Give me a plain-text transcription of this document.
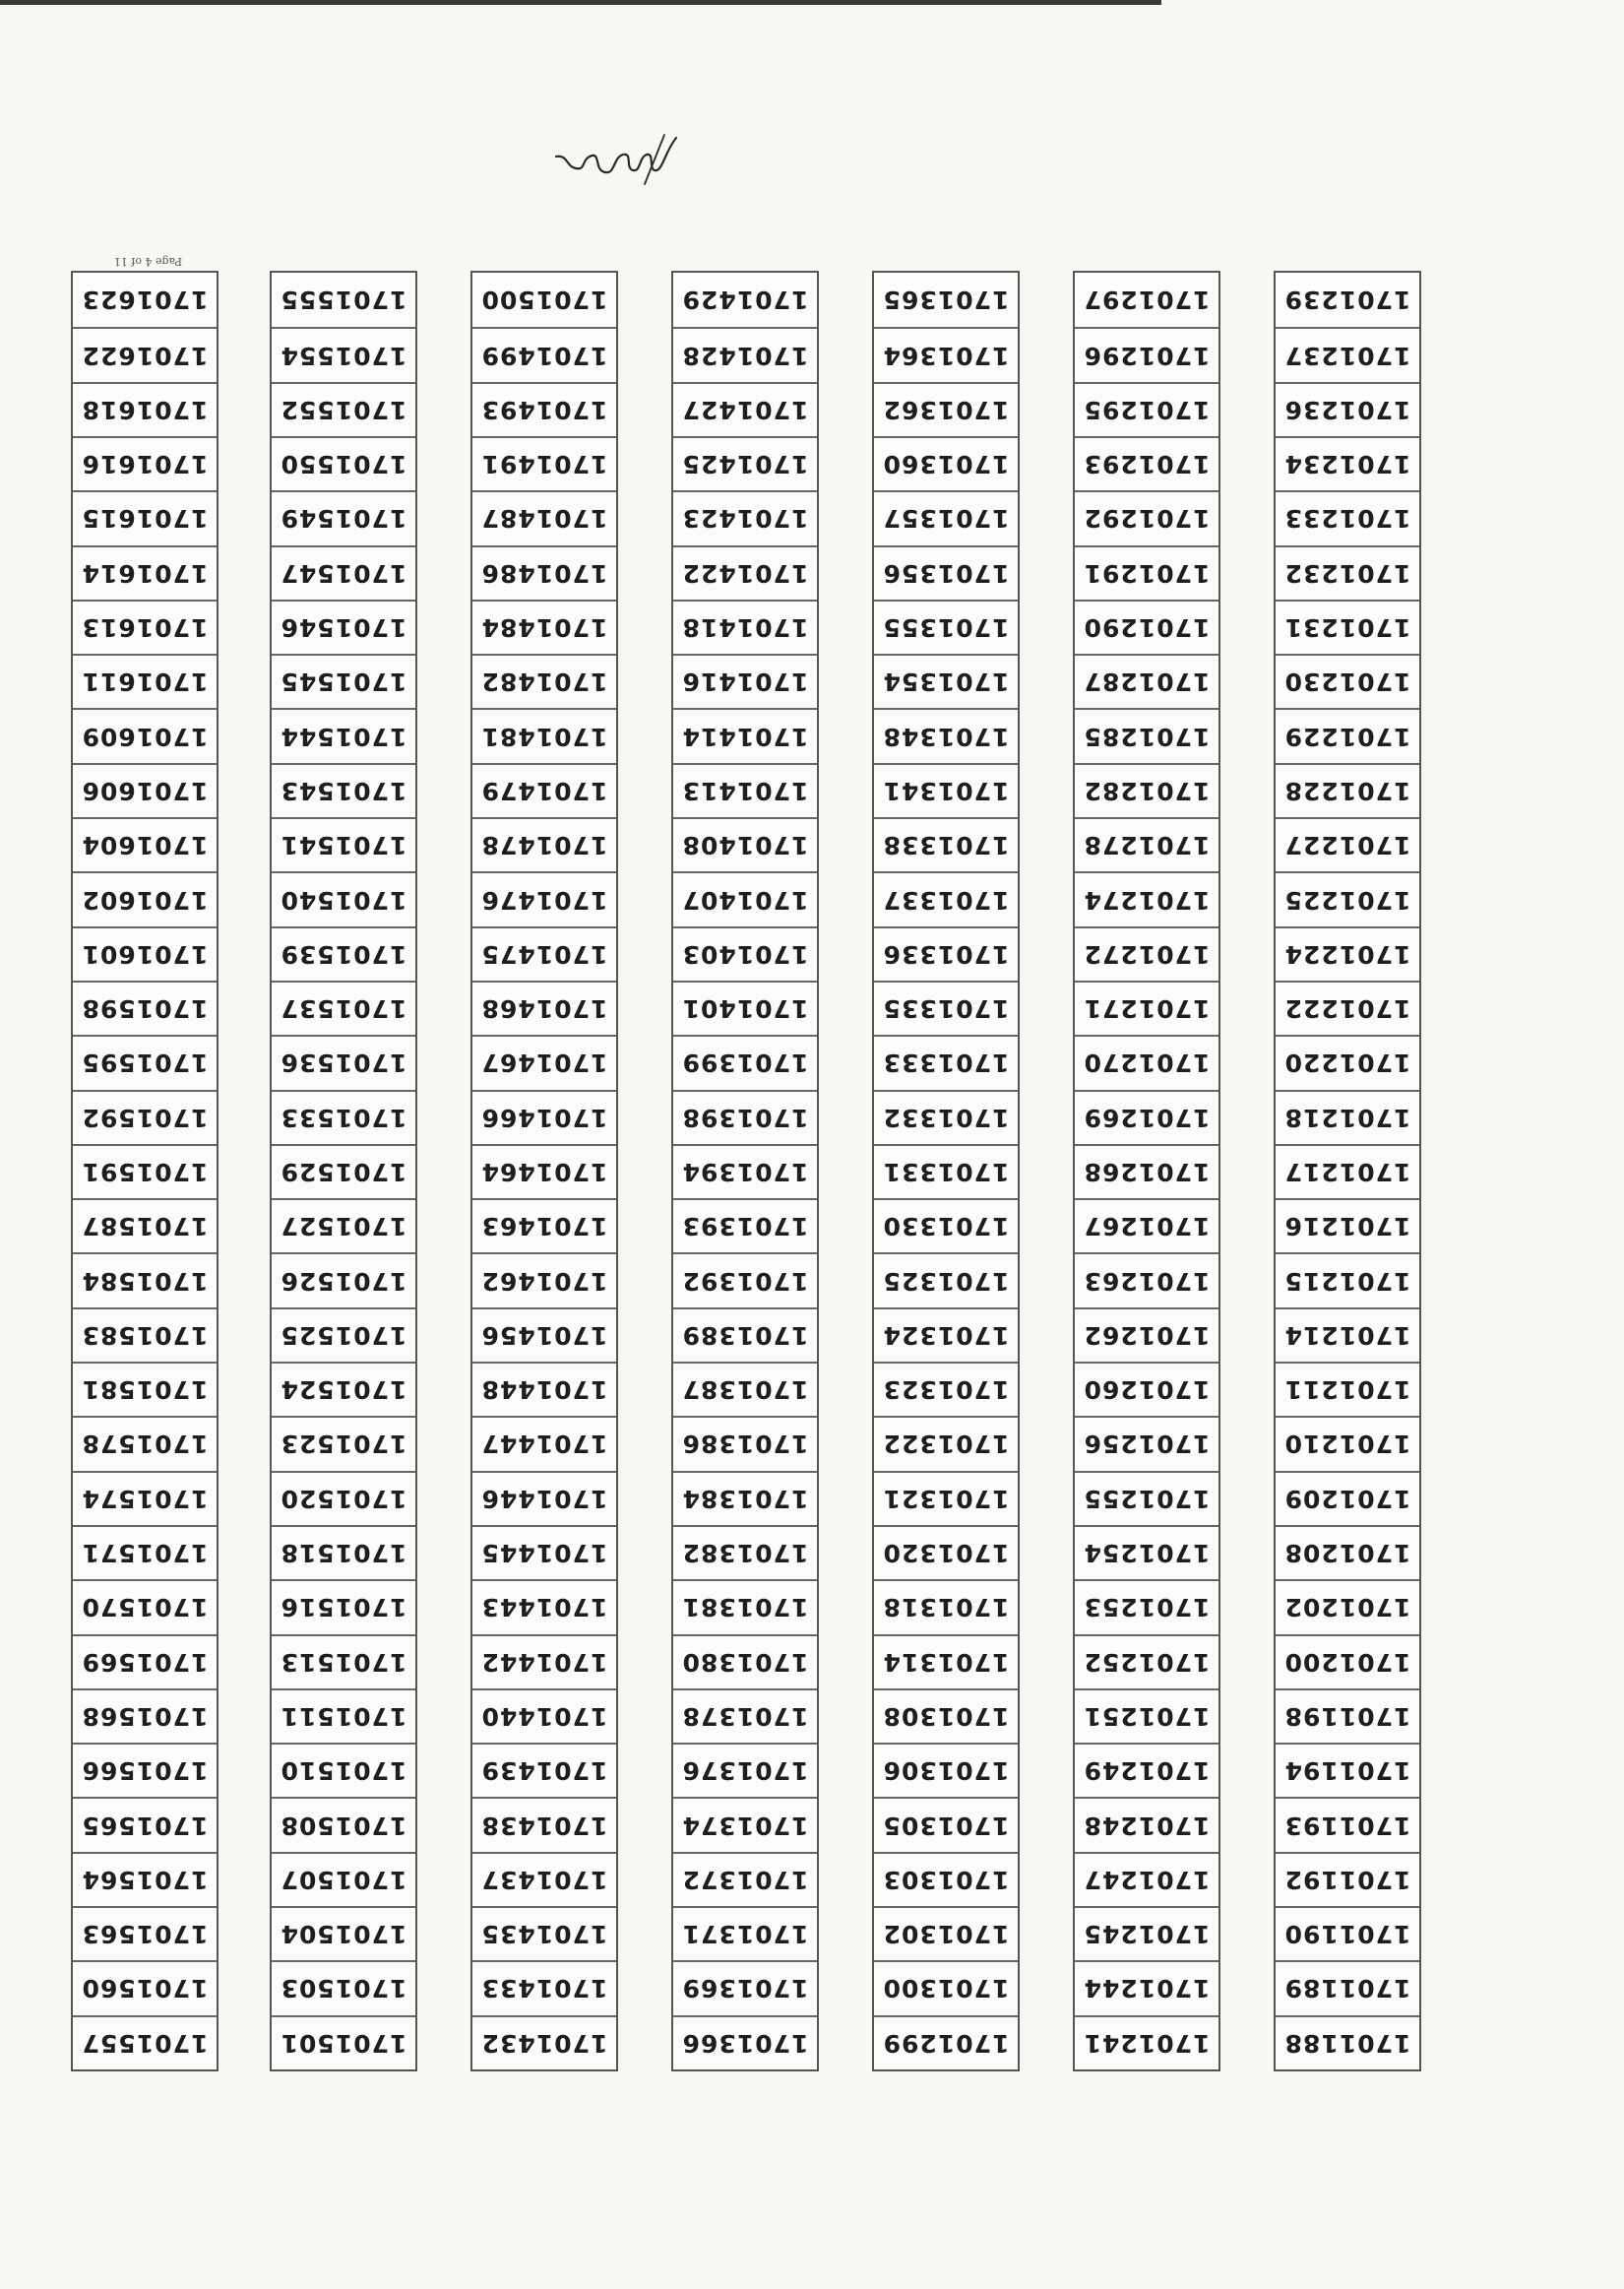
Page 4 of 11
1701188
1701189
1701190
1701192
1701193
1701194
1701198
1701200
1701202
1701208
1701209
1701210
1701211
1701214
1701215
1701216
1701217
1701218
1701220
1701222
1701224
1701225
1701227
1701228
1701229
1701230
1701231
1701232
1701233
1701234
1701236
1701237
1701239
1701241
1701244
1701245
1701247
1701248
1701249
1701251
1701252
1701253
1701254
1701255
1701256
1701260
1701262
1701263
1701267
1701268
1701269
1701270
1701271
1701272
1701274
1701278
1701282
1701285
1701287
1701290
1701291
1701292
1701293
1701295
1701296
1701297
1701299
1701300
1701302
1701303
1701305
1701306
1701308
1701314
1701318
1701320
1701321
1701322
1701323
1701324
1701325
1701330
1701331
1701332
1701333
1701335
1701336
1701337
1701338
1701341
1701348
1701354
1701355
1701356
1701357
1701360
1701362
1701364
1701365
1701366
1701369
1701371
1701372
1701374
1701376
1701378
1701380
1701381
1701382
1701384
1701386
1701387
1701389
1701392
1701393
1701394
1701398
1701399
1701401
1701403
1701407
1701408
1701413
1701414
1701416
1701418
1701422
1701423
1701425
1701427
1701428
1701429
1701432
1701433
1701435
1701437
1701438
1701439
1701440
1701442
1701443
1701445
1701446
1701447
1701448
1701456
1701462
1701463
1701464
1701466
1701467
1701468
1701475
1701476
1701478
1701479
1701481
1701482
1701484
1701486
1701487
1701491
1701493
1701499
1701500
1701501
1701503
1701504
1701507
1701508
1701510
1701511
1701513
1701516
1701518
1701520
1701523
1701524
1701525
1701526
1701527
1701529
1701533
1701536
1701537
1701539
1701540
1701541
1701543
1701544
1701545
1701546
1701547
1701549
1701550
1701552
1701554
1701555
1701557
1701560
1701563
1701564
1701565
1701566
1701568
1701569
1701570
1701571
1701574
1701578
1701581
1701583
1701584
1701587
1701591
1701592
1701595
1701598
1701601
1701602
1701604
1701606
1701609
1701611
1701613
1701614
1701615
1701616
1701618
1701622
1701623
